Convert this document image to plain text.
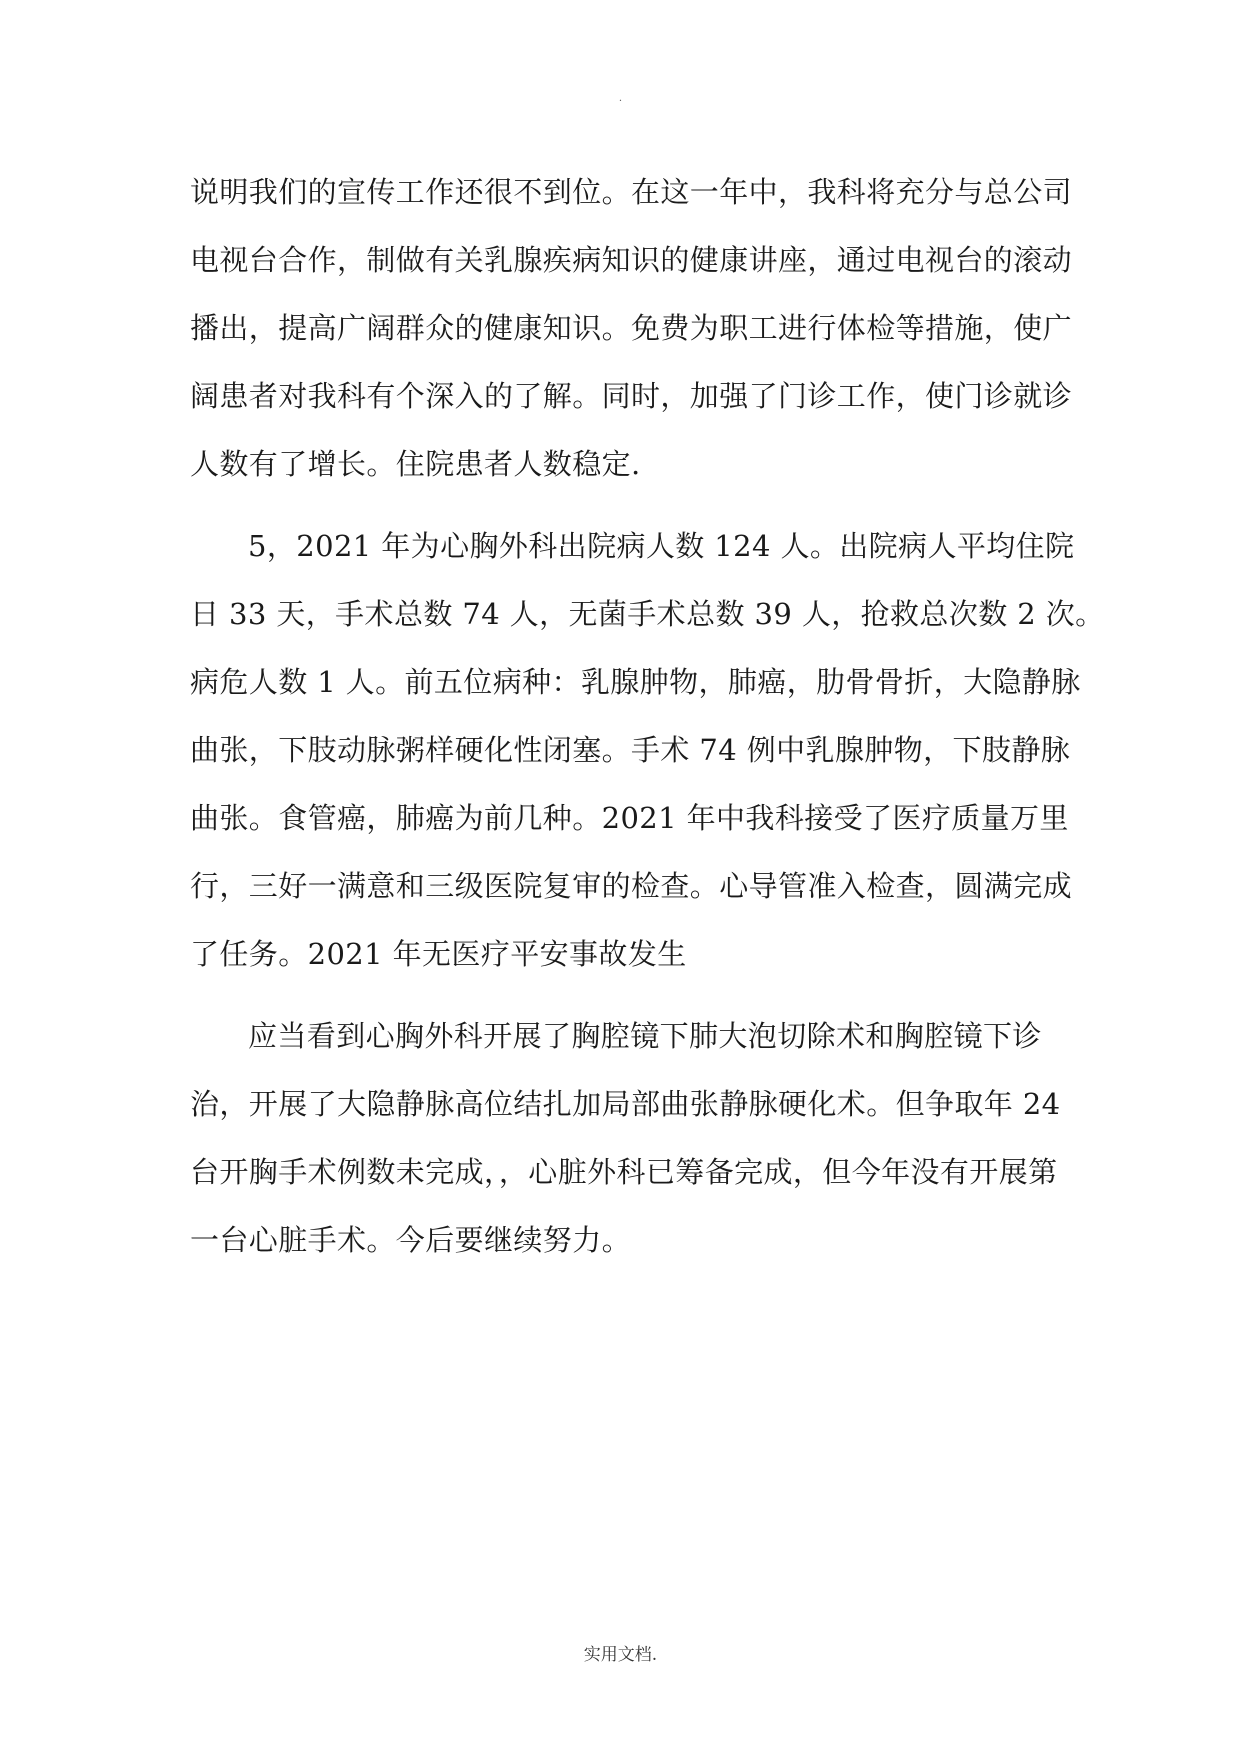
.
说明我们的宣传工作还很不到位。在这一年中，我科将充分与总公司
电视台合作，制做有关乳腺疾病知识的健康讲座，通过电视台的滚动
播出，提高广阔群众的健康知识。免费为职工进行体检等措施，使广
阔患者对我科有个深入的了解。同时，加强了门诊工作，使门诊就诊
人数有了增长。住院患者人数稳定.
5，2021 年为心胸外科出院病人数 124 人。出院病人平均住院
日 33 天，手术总数 74 人，无菌手术总数 39 人，抢救总次数 2 次。
病危人数 1 人。前五位病种：乳腺肿物，肺癌，肋骨骨折，大隐静脉
曲张，下肢动脉粥样硬化性闭塞。手术 74 例中乳腺肿物，下肢静脉
曲张。食管癌，肺癌为前几种。2021 年中我科接受了医疗质量万里
行，三好一满意和三级医院复审的检查。心导管准入检查，圆满完成
了任务。2021 年无医疗平安事故发生
应当看到心胸外科开展了胸腔镜下肺大泡切除术和胸腔镜下诊
治，开展了大隐静脉高位结扎加局部曲张静脉硬化术。但争取年 24
台开胸手术例数未完成，，心脏外科已筹备完成，但今年没有开展第
一台心脏手术。今后要继续努力。
实用文档.
